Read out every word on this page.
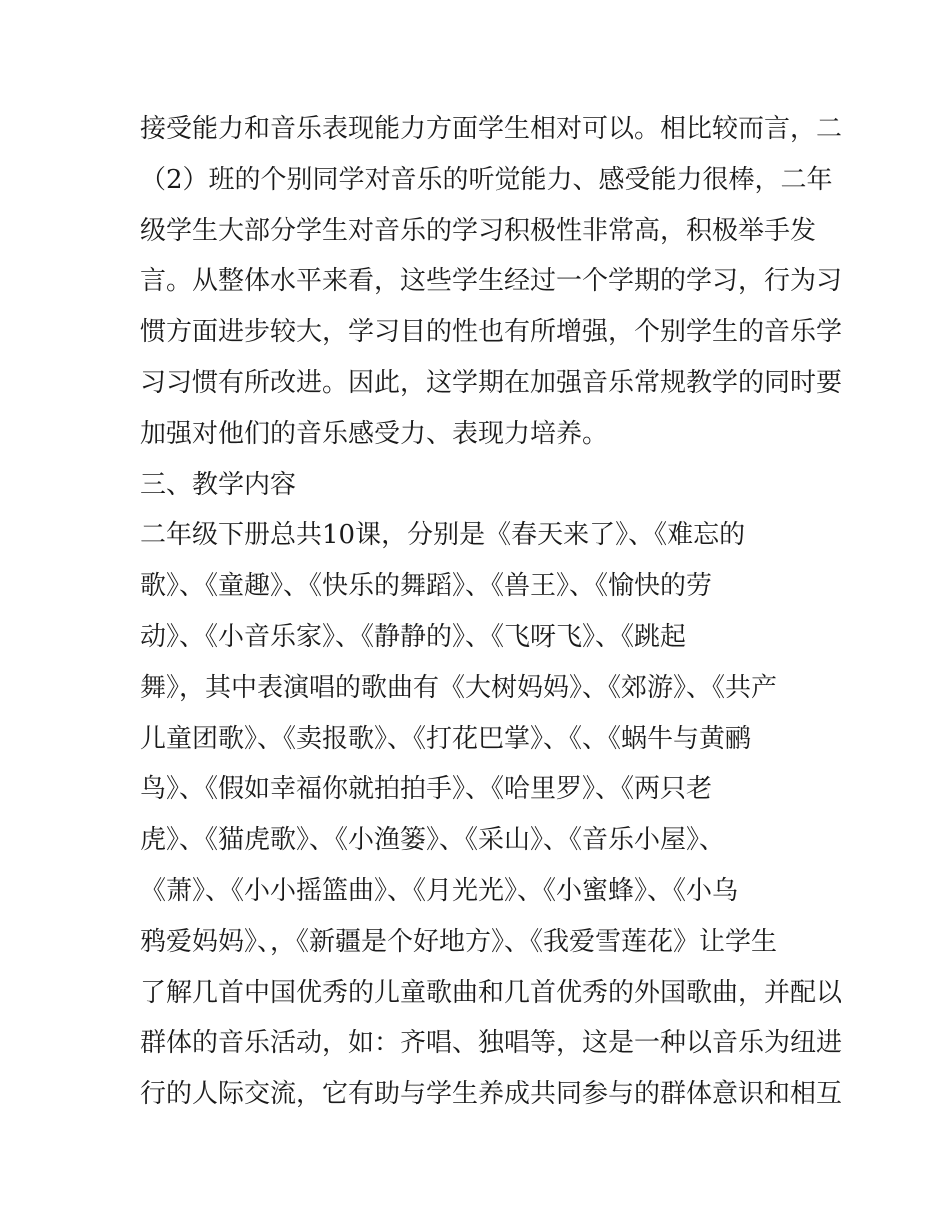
接受能力和音乐表现能力方面学生相对可以。相比较而言，二
（2）班的个别同学对音乐的听觉能力、感受能力很棒，二年
级学生大部分学生对音乐的学习积极性非常高，积极举手发
言。从整体水平来看，这些学生经过一个学期的学习，行为习
惯方面进步较大，学习目的性也有所增强，个别学生的音乐学
习习惯有所改进。因此，这学期在加强音乐常规教学的同时要
加强对他们的音乐感受力、表现力培养。
三、教学内容
二年级下册总共10课，分别是《春天来了》、《难忘的
歌》、《童趣》、《快乐的舞蹈》、《兽王》、《愉快的劳
动》、《小音乐家》、《静静的》、《飞呀飞》、《跳起
舞》，其中表演唱的歌曲有《大树妈妈》、《郊游》、《共产
儿童团歌》、《卖报歌》、《打花巴掌》、《、《蜗牛与黄鹂
鸟》、《假如幸福你就拍拍手》、《哈里罗》、《两只老
虎》、《猫虎歌》、《小渔篓》、《采山》、《音乐小屋》、
《萧》、《小小摇篮曲》、《月光光》、《小蜜蜂》、《小乌
鸦爱妈妈》、，《新疆是个好地方》、《我爱雪莲花》让学生
了解几首中国优秀的儿童歌曲和几首优秀的外国歌曲，并配以
群体的音乐活动，如：齐唱、独唱等，这是一种以音乐为纽进
行的人际交流，它有助与学生养成共同参与的群体意识和相互
